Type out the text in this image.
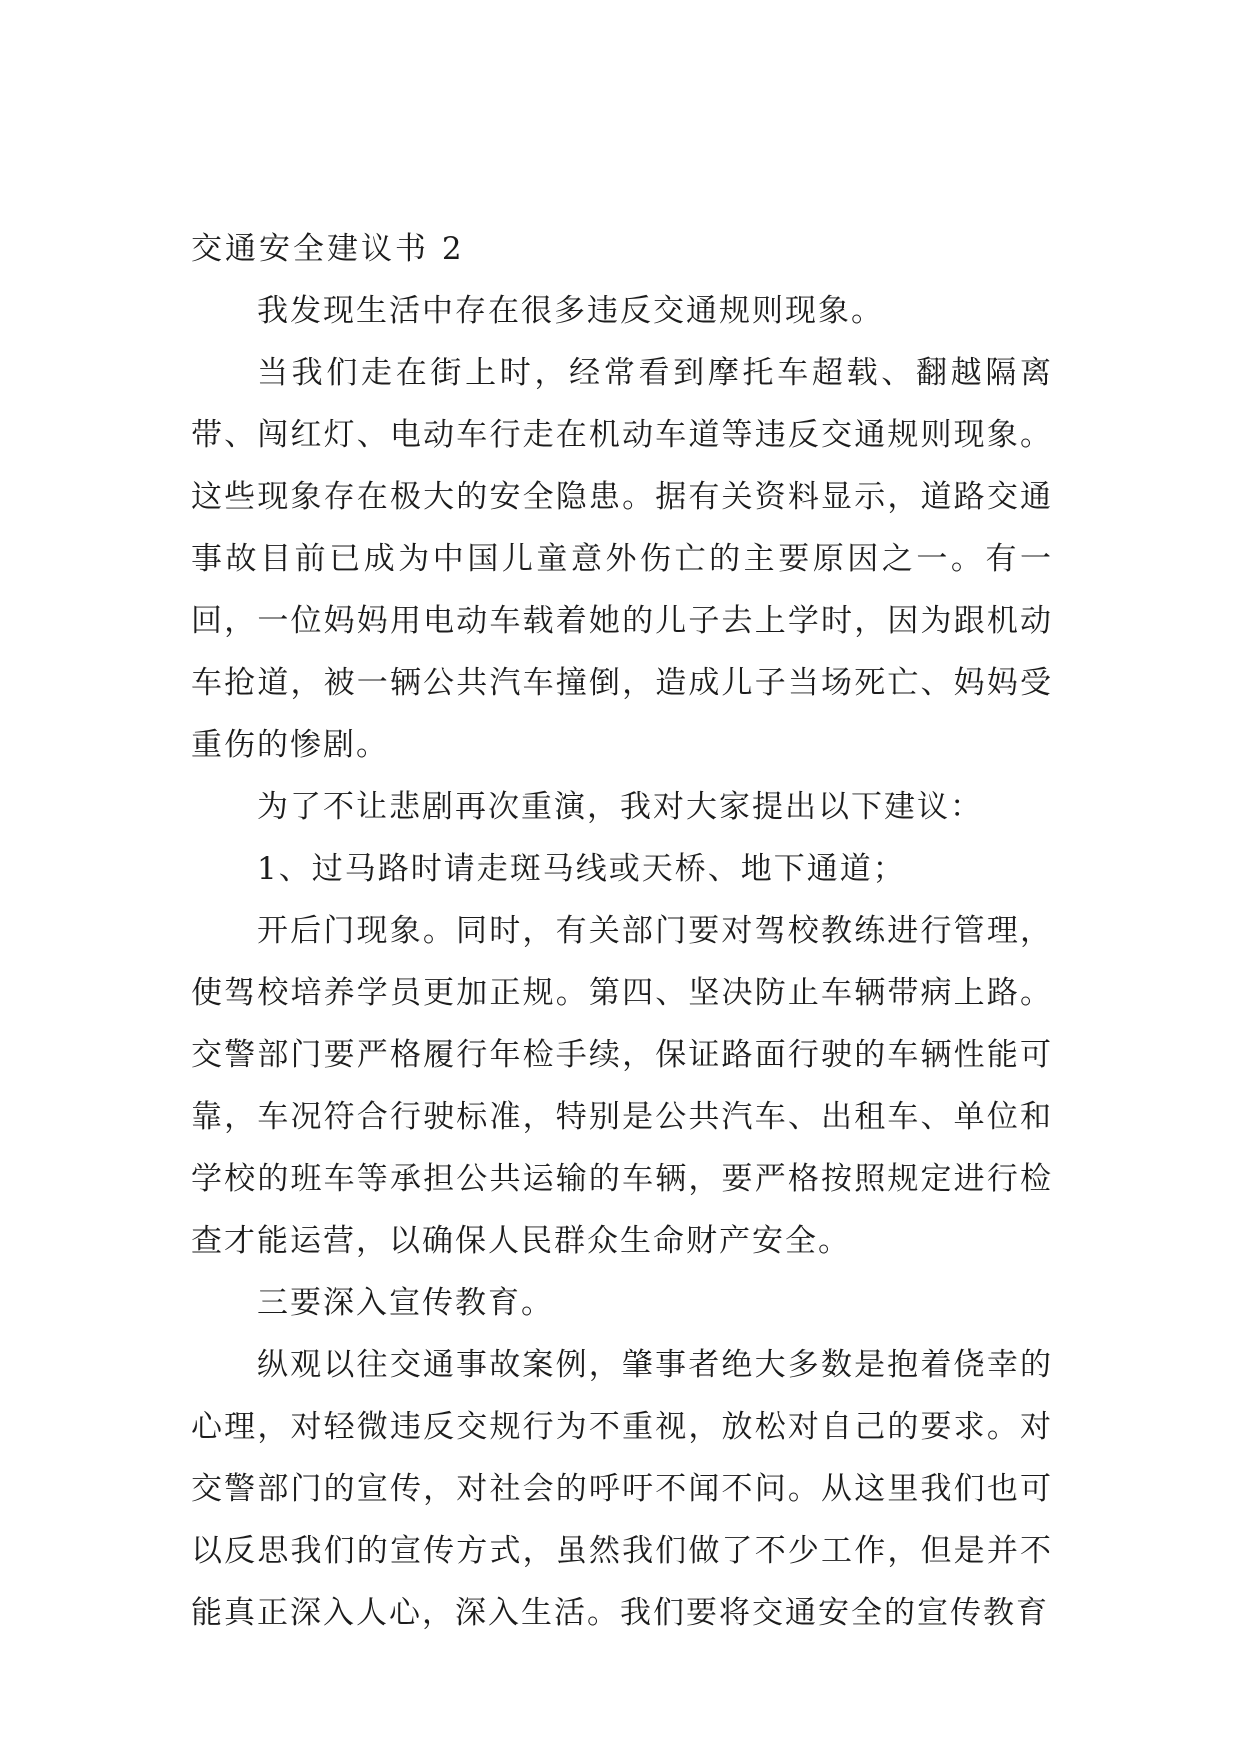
交通安全建议书 2

我发现生活中存在很多违反交通规则现象。

当我们走在街上时，经常看到摩托车超载、翻越隔离带、闯红灯、电动车行走在机动车道等违反交通规则现象。这些现象存在极大的安全隐患。据有关资料显示，道路交通事故目前已成为中国儿童意外伤亡的主要原因之一。有一回，一位妈妈用电动车载着她的儿子去上学时，因为跟机动车抢道，被一辆公共汽车撞倒，造成儿子当场死亡、妈妈受重伤的惨剧。

为了不让悲剧再次重演，我对大家提出以下建议：

1、过马路时请走斑马线或天桥、地下通道；

开后门现象。同时，有关部门要对驾校教练进行管理，使驾校培养学员更加正规。第四、坚决防止车辆带病上路。交警部门要严格履行年检手续，保证路面行驶的车辆性能可靠，车况符合行驶标准，特别是公共汽车、出租车、单位和学校的班车等承担公共运输的车辆，要严格按照规定进行检查才能运营，以确保人民群众生命财产安全。

三要深入宣传教育。

纵观以往交通事故案例，肇事者绝大多数是抱着侥幸的心理，对轻微违反交规行为不重视，放松对自己的要求。对交警部门的宣传，对社会的呼吁不闻不问。从这里我们也可以反思我们的宣传方式，虽然我们做了不少工作，但是并不能真正深入人心，深入生活。我们要将交通安全的宣传教育
